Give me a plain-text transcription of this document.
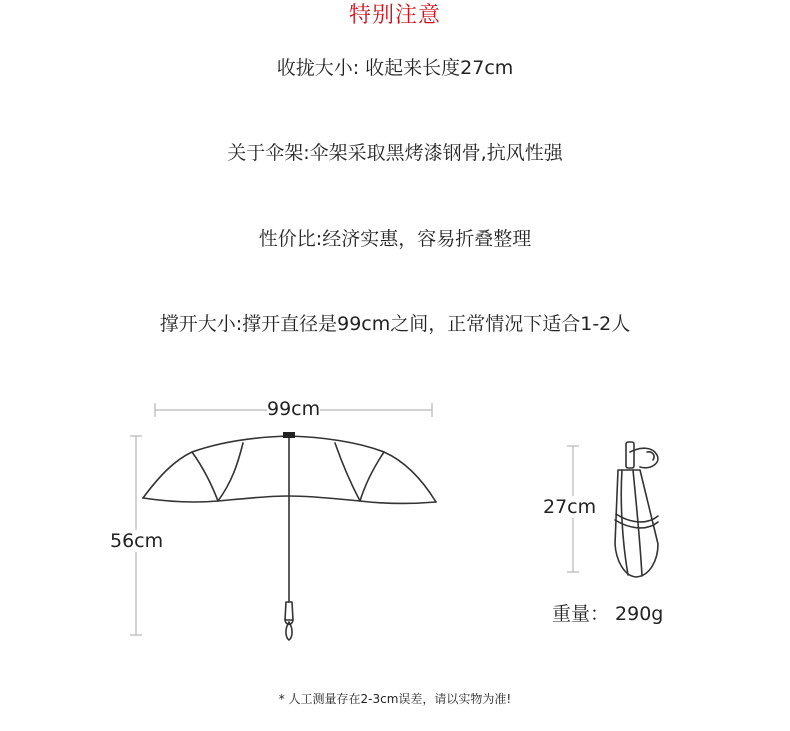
特别注意
收拢大小: 收起来长度27cm
关于伞架:伞架采取黑烤漆钢骨,抗风性强
性价比:经济实惠，容易折叠整理
撑开大小:撑开直径是99cm之间，正常情况下适合1-2人
99cm
56cm
27cm
重量： 290g
* 人工测量存在2-3cm误差，请以实物为准!
